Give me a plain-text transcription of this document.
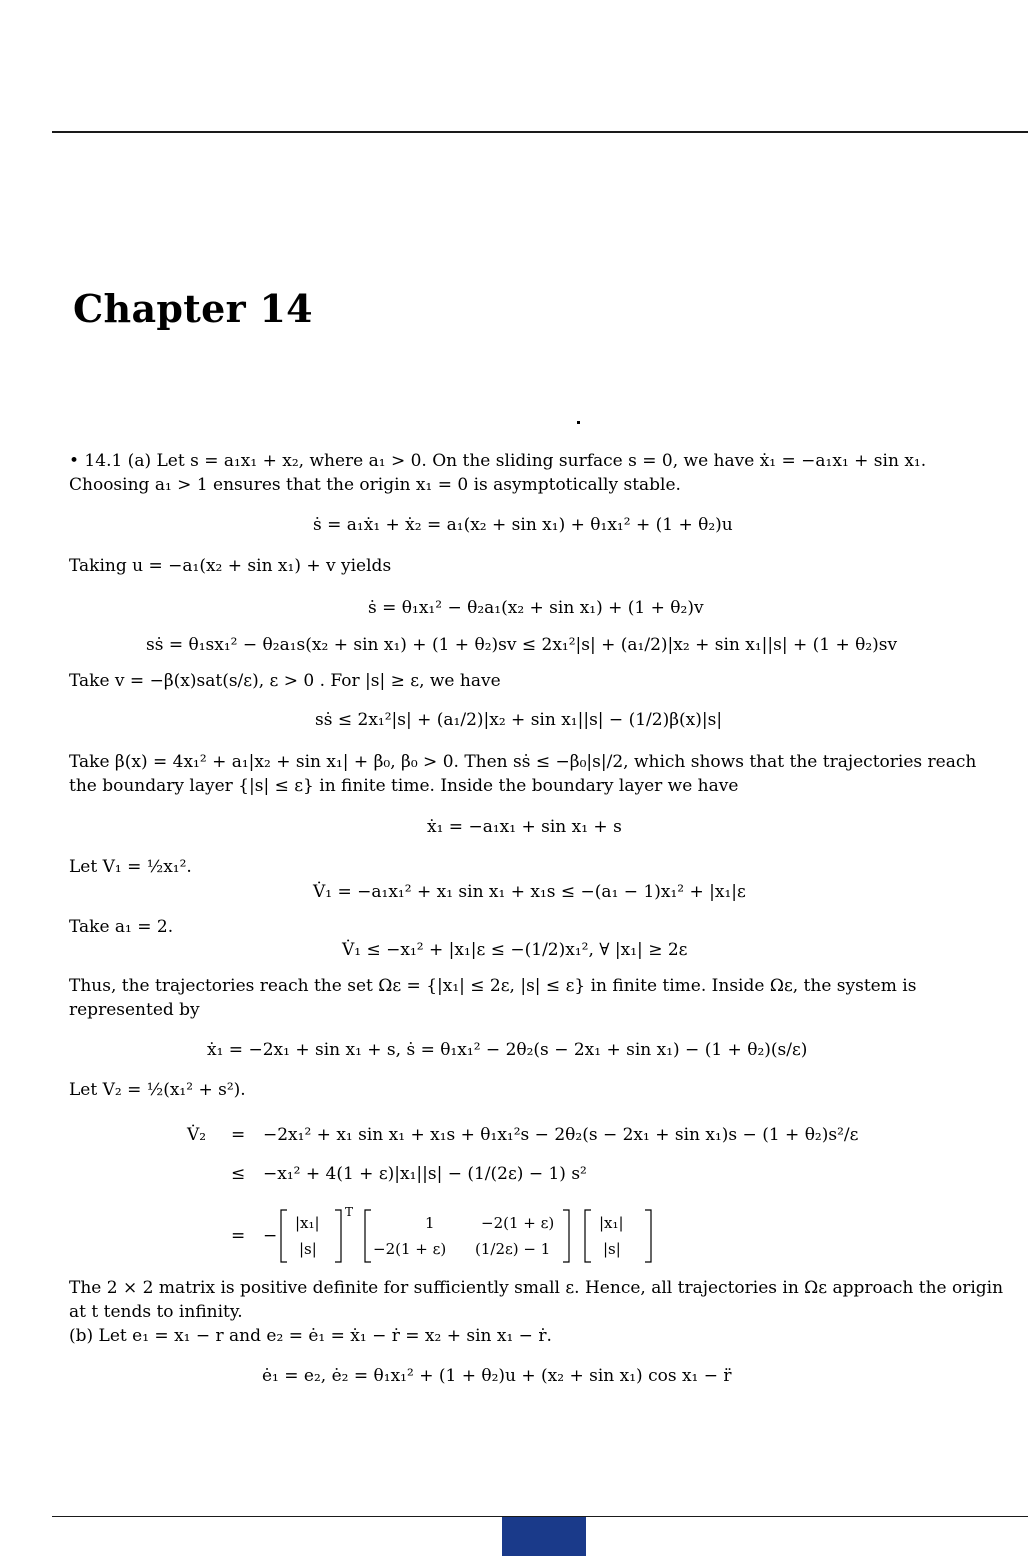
Chapter 14

• 14.1 (a) Let s = a₁x₁ + x₂, where a₁ > 0. On the sliding surface s = 0, we have ẋ₁ = −a₁x₁ + sin x₁.

Choosing a₁ > 1 ensures that the origin x₁ = 0 is asymptotically stable.

ṡ = a₁ẋ₁ + ẋ₂ = a₁(x₂ + sin x₁) + θ₁x₁² + (1 + θ₂)u

Taking u = −a₁(x₂ + sin x₁) + v yields

ṡ = θ₁x₁² − θ₂a₁(x₂ + sin x₁) + (1 + θ₂)v

sṡ = θ₁sx₁² − θ₂a₁s(x₂ + sin x₁) + (1 + θ₂)sv ≤ 2x₁²|s| + (a₁/2)|x₂ + sin x₁||s| + (1 + θ₂)sv

Take v = −β(x)sat(s/ε), ε > 0 . For |s| ≥ ε, we have

sṡ ≤ 2x₁²|s| + (a₁/2)|x₂ + sin x₁||s| − (1/2)β(x)|s|

Take β(x) = 4x₁² + a₁|x₂ + sin x₁| + β₀, β₀ > 0. Then sṡ ≤ −β₀|s|/2, which shows that the trajectories reach

the boundary layer {|s| ≤ ε} in finite time. Inside the boundary layer we have

ẋ₁ = −a₁x₁ + sin x₁ + s

Let V₁ = ½x₁².

V̇₁ = −a₁x₁² + x₁ sin x₁ + x₁s ≤ −(a₁ − 1)x₁² + |x₁|ε

Take a₁ = 2.

V̇₁ ≤ −x₁² + |x₁|ε ≤ −(1/2)x₁², ∀ |x₁| ≥ 2ε

Thus, the trajectories reach the set Ωε = {|x₁| ≤ 2ε, |s| ≤ ε} in finite time. Inside Ωε, the system is

represented by

ẋ₁ = −2x₁ + sin x₁ + s, ṡ = θ₁x₁² − 2θ₂(s − 2x₁ + sin x₁) − (1 + θ₂)(s/ε)

Let V₂ = ½(x₁² + s²).

V̇₂ = −2x₁² + x₁ sin x₁ + x₁s + θ₁x₁²s − 2θ₂(s − 2x₁ + sin x₁)s − (1 + θ₂)s²/ε

≤ −x₁² + 4(1 + ε)|x₁||s| − (1/(2ε) − 1) s²

= −

|x₁|
|s|
T
1	−2(1 + ε)
−2(1 + ε) (1/2ε) − 1
|x₁|
|s|

The 2 × 2 matrix is positive definite for sufficiently small ε. Hence, all trajectories in Ωε approach the origin

at t tends to infinity.

(b) Let e₁ = x₁ − r and e₂ = ė₁ = ẋ₁ − ṙ = x₂ + sin x₁ − ṙ.

ė₁ = e₂, ė₂ = θ₁x₁² + (1 + θ₂)u + (x₂ + sin x₁) cos x₁ − r̈
